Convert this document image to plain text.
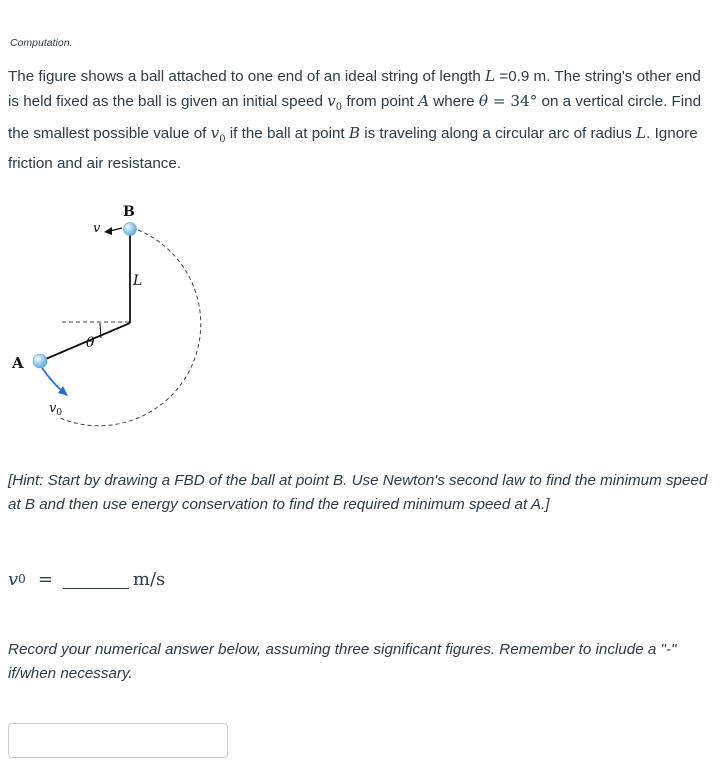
Computation.
The figure shows a ball attached to one end of an ideal string of length L =0.9 m. The string's other end is held fixed as the ball is given an initial speed $v_0$ from point A where θ = 34° on a vertical circle. Find the smallest possible value of $v_0$ if the ball at point B is traveling along a circular arc of radius L. Ignore friction and air resistance.
θ
L
v
B
A
$v_0$
[Hint: Start by drawing a FBD of the ball at point B. Use Newton's second law to find the minimum speed at B and then use energy conservation to find the required minimum speed at A.]
v 0 =	m/s
Record your numerical answer below, assuming three significant figures. Remember to include a "-" if/when necessary.
